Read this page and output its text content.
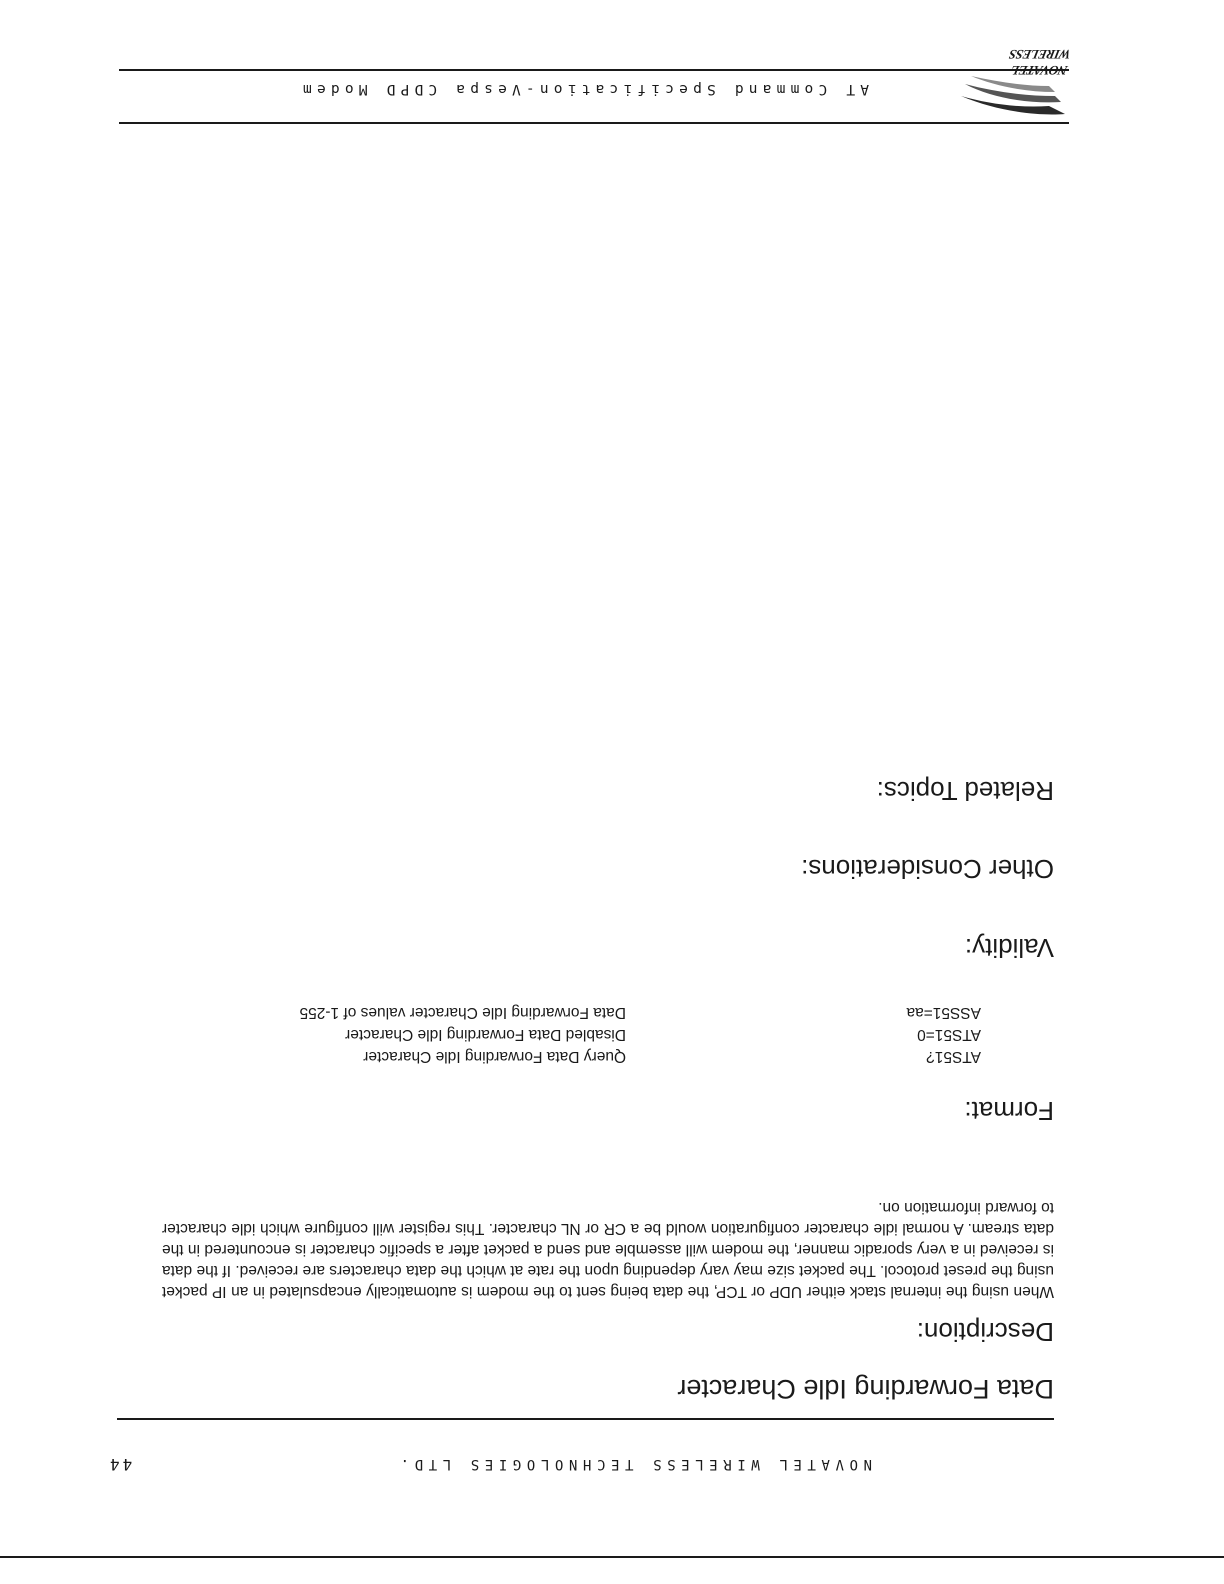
WIRELESS
AT Command Specification-Vespa CDPD Modem
Data Forwarding Idle Character
Description:
When using the internal stack either UDP or TCP, the data being sent to the modem is automatically encapsulated in an IP packet using the preset protocol. The packet size may vary depending upon the rate at which the data characters are received. If the data is received in a very sporadic manner, the modem will assemble and send a packet after a specific character is encountered in the data stream. A normal idle character configuration would be a CR or NL character. This register will configure which idle character to forward information on.
Format:
ATS51?
Query Data Forwarding Idle Character
ATS51=0
Disabled Data Forwarding Idle Character
ASS51=aa
Data Forwarding Idle Character values of 1-255
Validity:
Other Considerations:
Related Topics:
NOVATEL WIRELESS TECHNOLOGIES LTD.
44
